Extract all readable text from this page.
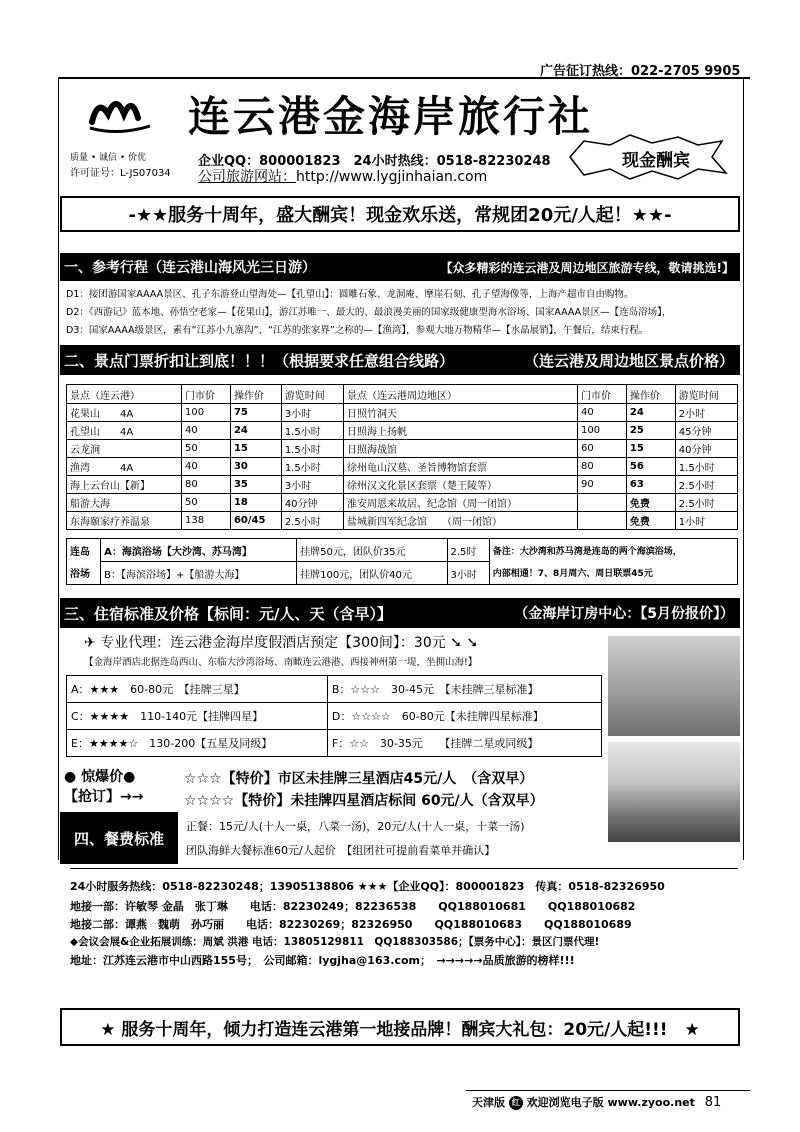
广告征订热线：022-2705 9905
连云港金海岸旅行社
质量 • 诚信 • 价优
许可证号：L-JS07034
企业QQ：800001823　24小时热线：0518-82230248
公司旅游网站：http://www.lygjinhaian.com
现金酬宾
-★★服务十周年，盛大酬宾！现金欢乐送，常规团20元/人起！★★-
一、参考行程（连云港山海风光三日游）	【众多精彩的连云港及周边地区旅游专线，敬请挑选!】
D1：接团游国家AAAA景区、孔子东游登山望海处—【孔望山】：圆雕石象、龙洞庵、摩崖石刻、孔子望海像等，上海产超市自由购物。
D2：《西游记》蓝本地、孙悟空老家—【花果山】，游江苏唯一、最大的、最浪漫美丽的国家级健康型海水浴场、国家AAAA景区—【连岛浴场】，
D3：国家AAAA级景区，素有“江苏小九寨沟”、“江苏的张家界”之称的—【渔湾】，参观大地万物精华—【水晶展销】，午餐后，结束行程。
二、景点门票折扣让到底！！！（根据要求任意组合线路）	（连云港及周边地区景点价格）
景点（连云港）	门市价	操作价	游览时间	景点（连云港周边地区）	门市价	操作价	游览时间
花果山　　4A	100	75	3小时	日照竹洞天	40	24	2小时
孔望山　　4A	40	24	1.5小时	日照海上扬帆	100	25	45分钟
云龙涧	50	15	1.5小时	日照海战馆	60	15	40分钟
渔湾　　　4A	40	30	1.5小时	徐州龟山汉墓、圣旨博物馆套票	80	56	1.5小时
海上云台山【新】	80	35	3小时	徐州汉文化景区套票（楚王陵等）	90	63	2.5小时
船游大海	50	18	40分钟	淮安周恩来故居、纪念馆（周一闭馆）		免费	2.5小时
东海颐家疗养温泉	138	60/45	2.5小时	盐城新四军纪念馆　　（周一闭馆）		免费	1小时
连岛	A：海滨浴场【大沙湾、苏马湾】	挂牌50元，团队价35元	2.5时	备注：大沙湾和苏马湾是连岛的两个海滨浴场，
浴场	B：【海滨浴场】+【船游大海】	挂牌100元，团队价40元	3小时	内部相通！7、8月周六、周日联票45元
三、住宿标准及价格【标间：元/人、天（含早）】	（金海岸订房中心：【5月份报价】）
✈ 专业代理：连云港金海岸度假酒店预定【300间】：30元 ➘ ➘
【金海岸酒店北据连岛西山、东临大沙湾浴场、南瞰连云港港、西接神州第一堤，坐拥山海!】
A：★★★　60-80元　【挂牌三星】	B：☆☆☆　30-45元　【未挂牌三星标准】
C：★★★★　110-140元【挂牌四星】	D：☆☆☆☆　60-80元【未挂牌四星标准】
E：★★★★☆　130-200【五星及同级】	F：☆☆　30-35元　　【挂牌二星或同级】
● 惊爆价●
【抢订】→→
☆☆☆【特价】市区未挂牌三星酒店45元/人　（含双早）
☆☆☆☆【特价】未挂牌四星酒店标间 60元/人（含双早）
四、餐费标准
正餐：15元/人(十人一桌，八菜一汤)，20元/人(十人一桌，十菜一汤)
团队海鲜大餐标准60元/人起价　【组团社可提前看菜单并确认】
24小时服务热线：0518-82230248；13905138806 ★★★【企业QQ】：800001823　传真：0518-82326950
地接一部：许敏琴 金晶　张丁琳　　电话：82230249；82236538　　QQ188010681　　QQ188010682
地接二部：谭燕　魏萌　孙巧丽　　电话：82230269；82326950　　QQ188010683　　QQ188010689
◆会议会展&企业拓展训练：周斌 洪港 电话：13805129811　QQ188303586；【票务中心】：景区门票代理!
地址：江苏连云港市中山西路155号；　公司邮箱：lygjha@163.com；　→→→→→品质旅游的榜样!!!
★ 服务十周年，倾力打造连云港第一地接品牌！酬宾大礼包：20元/人起!!!　★
天津版 红 欢迎浏览电子版 www.zyoo.net 81
